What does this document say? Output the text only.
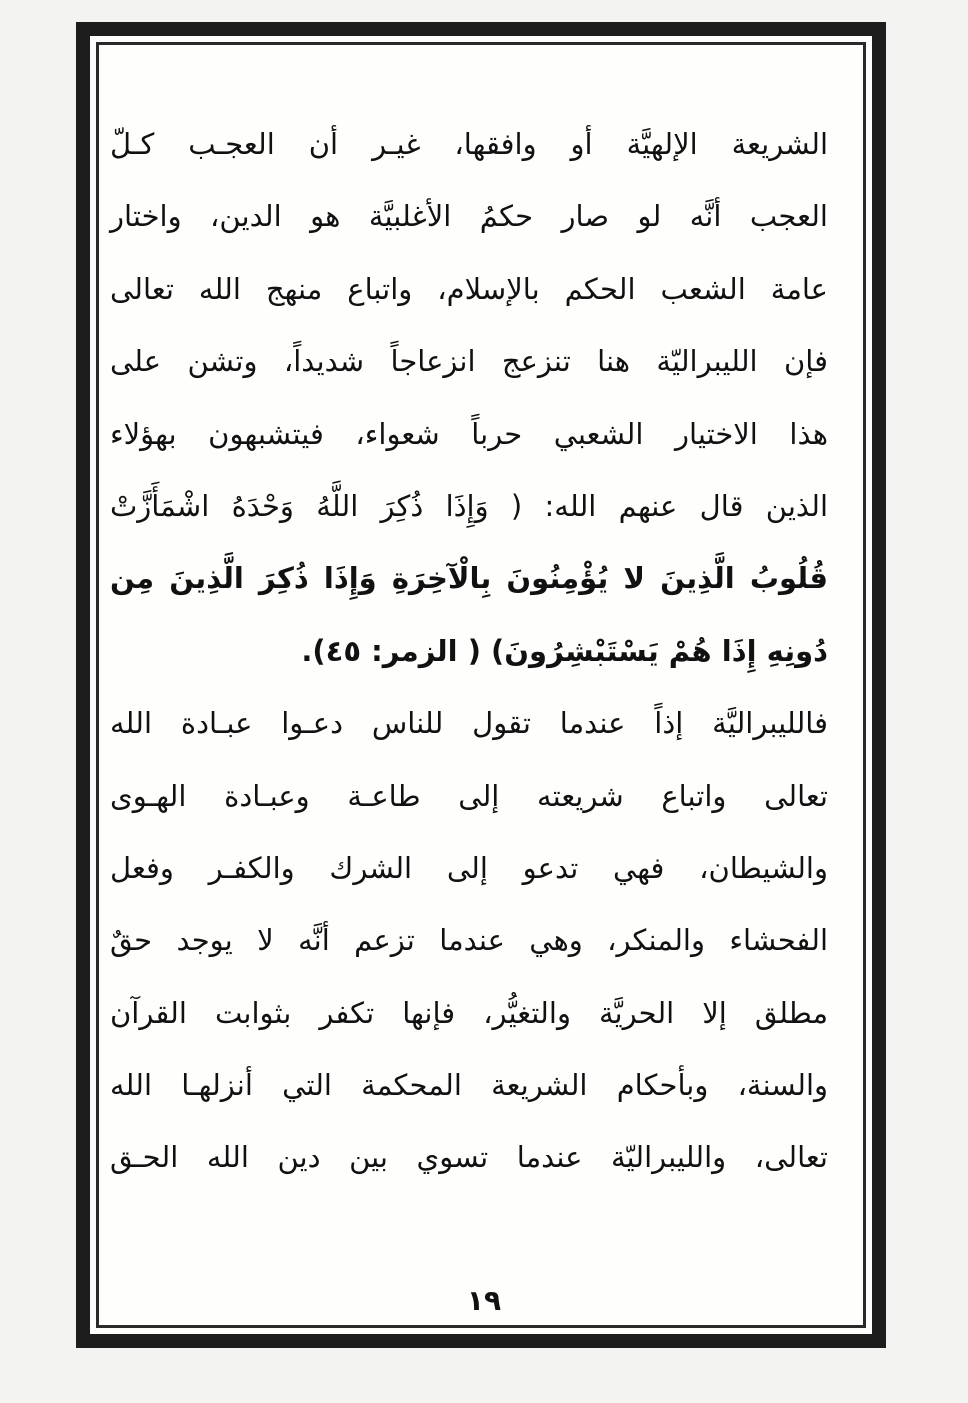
الشريعة الإلهيَّة أو وافقها، غيـر أن العجـب كـلّ
العجب أنَّه لو صار حكمُ الأغلبيَّة هو الدين، واختار
عامة الشعب الحكم بالإسلام، واتباع منهج الله تعالى
فإن الليبراليّة هنا تنزعج انزعاجاً شديداً، وتشن على
هذا الاختيار الشعبي حرباً شعواء، فيتشبهون بهؤلاء
الذين قال عنهم الله: ( وَإِذَا ذُكِرَ اللَّهُ وَحْدَهُ اشْمَأَزَّتْ
قُلُوبُ الَّذِينَ لا يُؤْمِنُونَ بِالْآخِرَةِ وَإِذَا ذُكِرَ الَّذِينَ مِن
دُونِهِ إِذَا هُمْ يَسْتَبْشِرُونَ) ( الزمر: ٤٥).
فالليبراليَّة إذاً عندما تقول للناس دعـوا عبـادة الله
تعالى واتباع شريعته إلى طاعـة وعبـادة الهـوى
والشيطان، فهي تدعو إلى الشرك والكفـر وفعل
الفحشاء والمنكر، وهي عندما تزعم أنَّه لا يوجد حقٌ
مطلق إلا الحريَّة والتغيُّر، فإنها تكفر بثوابت القرآن
والسنة، وبأحكام الشريعة المحكمة التي أنزلهـا الله
تعالى، والليبراليّة عندما تسوي بين دين الله الحـق
١٩
